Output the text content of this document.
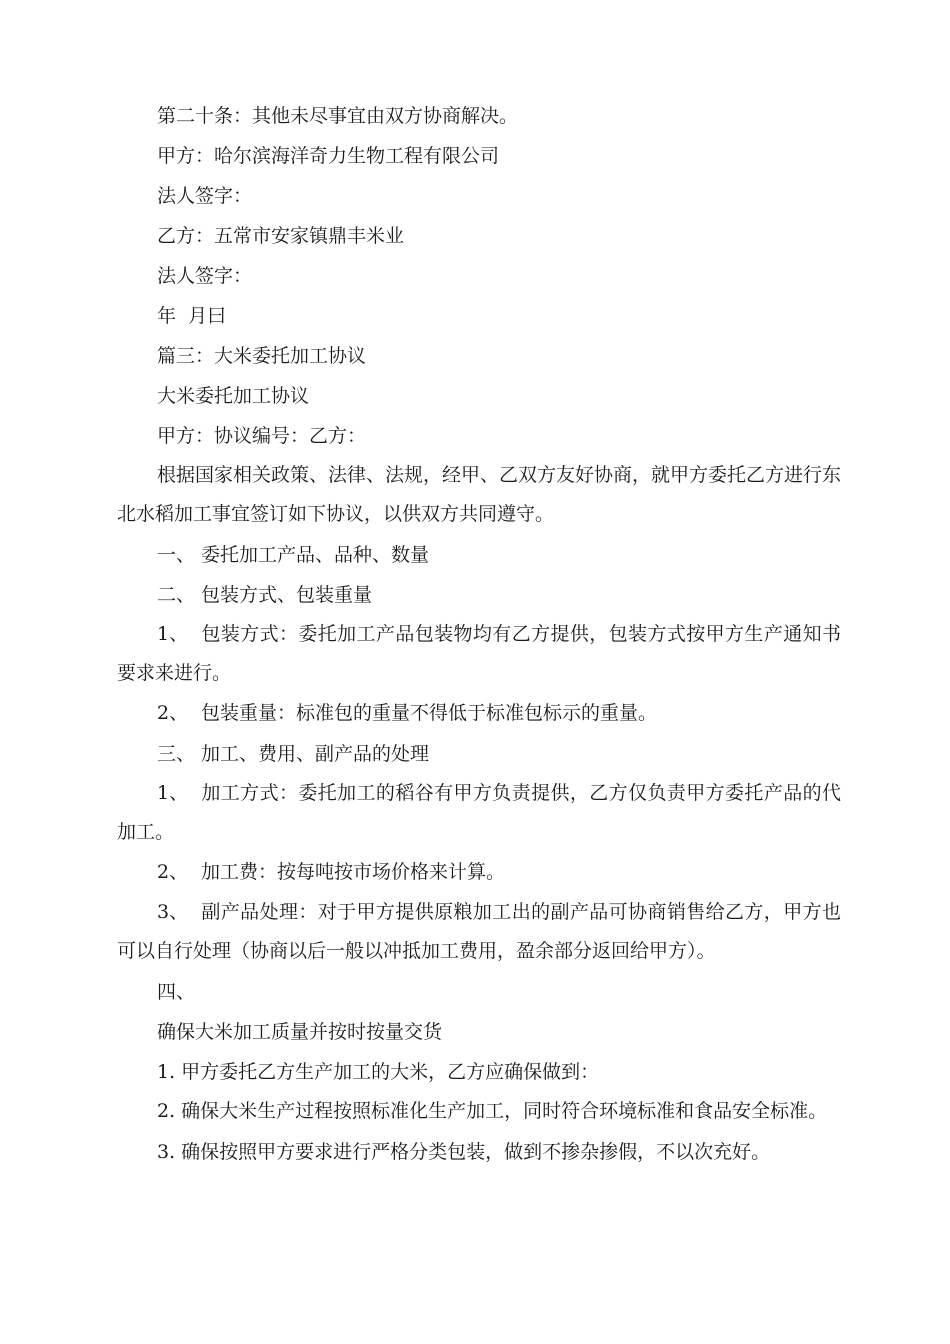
第二十条：其他未尽事宜由双方协商解决。

甲方：哈尔滨海洋奇力生物工程有限公司

法人签字：

乙方：五常市安家镇鼎丰米业

法人签字：

年  月曰

篇三：大米委托加工协议

大米委托加工协议

甲方：协议编号：乙方：

根据国家相关政策、法律、法规，经甲、乙双方友好协商，就甲方委托乙方进行东北水稻加工事宜签订如下协议，以供双方共同遵守。

一、 委托加工产品、品种、数量

二、 包装方式、包装重量

1、 包装方式：委托加工产品包装物均有乙方提供，包装方式按甲方生产通知书要求来进行。

2、 包装重量：标准包的重量不得低于标准包标示的重量。

三、 加工、费用、副产品的处理

1、 加工方式：委托加工的稻谷有甲方负责提供，乙方仅负责甲方委托产品的代加工。

2、 加工费：按每吨按市场价格来计算。

3、 副产品处理：对于甲方提供原粮加工出的副产品可协商销售给乙方，甲方也可以自行处理（协商以后一般以冲抵加工费用，盈余部分返回给甲方）。

四、

确保大米加工质量并按时按量交货

1. 甲方委托乙方生产加工的大米，乙方应确保做到：

2. 确保大米生产过程按照标准化生产加工，同时符合环境标准和食品安全标准。

3. 确保按照甲方要求进行严格分类包装，做到不掺杂掺假，不以次充好。
